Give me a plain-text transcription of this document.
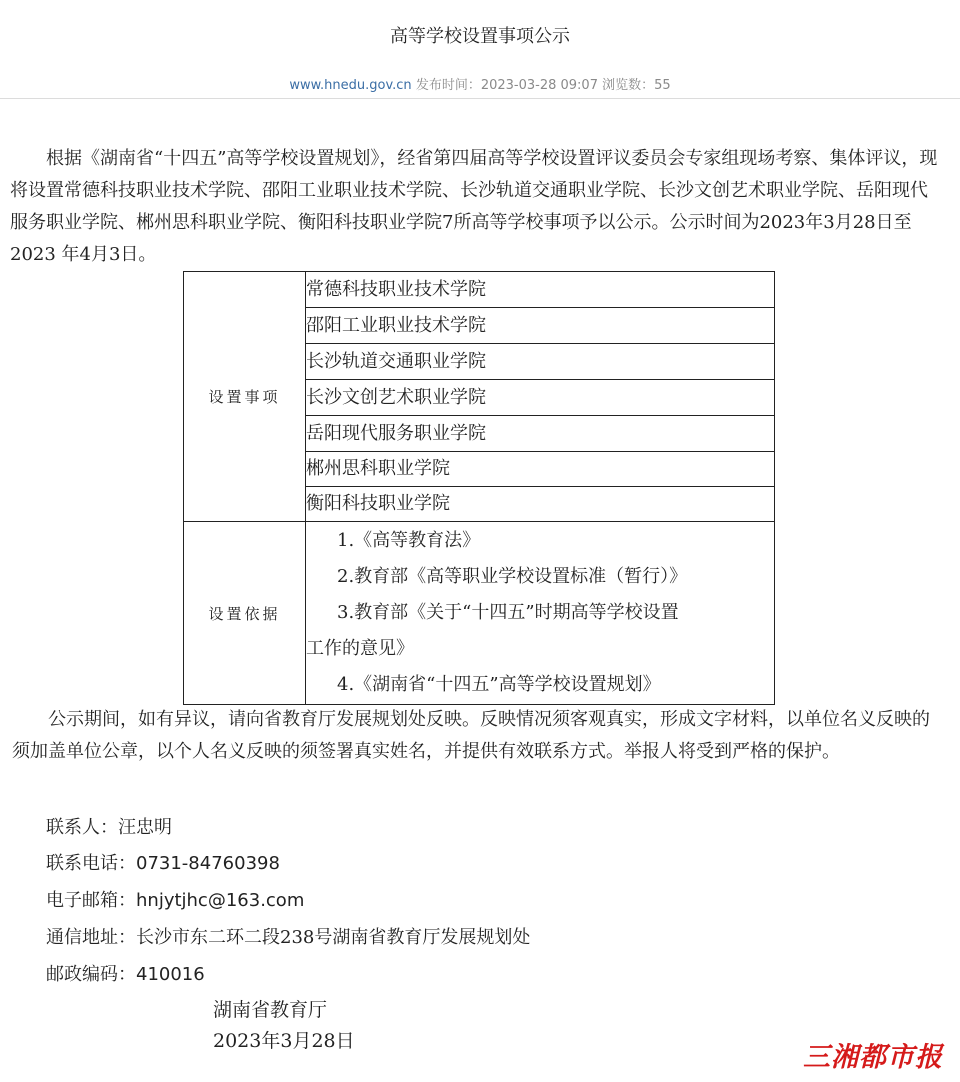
高等学校设置事项公示
www.hnedu.gov.cn 发布时间：2023-03-28 09:07 浏览数：55

根据《湖南省“十四五”高等学校设置规划》，经省第四届高等学校设置评议委员会专家组现场考察、集体评议，现将设置常德科技职业技术学院、邵阳工业职业技术学院、长沙轨道交通职业学院、长沙文创艺术职业学院、岳阳现代服务职业学院、郴州思科职业学院、衡阳科技职业学院7所高等学校事项予以公示。公示时间为2023年3月28日至2023 年4月3日。

设置事项	常德科技职业技术学院
	邵阳工业职业技术学院
	长沙轨道交通职业学院
	长沙文创艺术职业学院
	岳阳现代服务职业学院
	郴州思科职业学院
	衡阳科技职业学院
设置依据	1.《高等教育法》
2.教育部《高等职业学校设置标准（暂行）》
3.教育部《关于“十四五”时期高等学校设置
工作的意见》
4.《湖南省“十四五”高等学校设置规划》

公示期间，如有异议，请向省教育厅发展规划处反映。反映情况须客观真实，形成文字材料，以单位名义反映的须加盖单位公章，以个人名义反映的须签署真实姓名，并提供有效联系方式。举报人将受到严格的保护。

联系人：汪忠明
联系电话：0731-84760398
电子邮箱：hnjytjhc@163.com
通信地址：长沙市东二环二段238号湖南省教育厅发展规划处
邮政编码：410016
湖南省教育厅
2023年3月28日
三湘都市报
